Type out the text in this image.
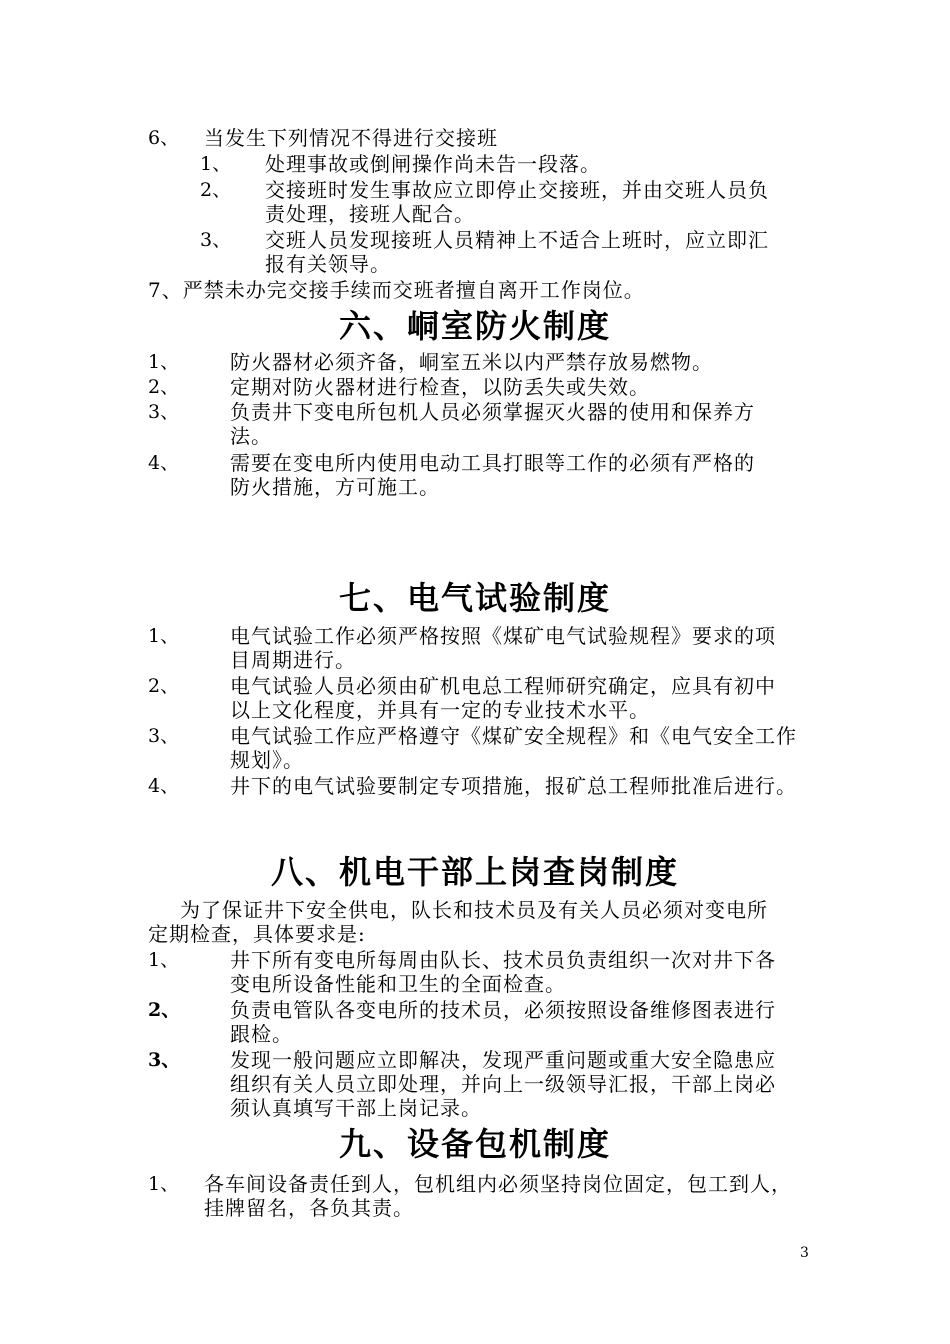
6、 当发生下列情况不得进行交接班
1、 处理事故或倒闸操作尚未告一段落。
2、 交接班时发生事故应立即停止交接班，并由交班人员负
责处理，接班人配合。
3、 交班人员发现接班人员精神上不适合上班时，应立即汇
报有关领导。
7、严禁未办完交接手续而交班者擅自离开工作岗位。
六、峒室防火制度
1、	防火器材必须齐备，峒室五米以内严禁存放易燃物。
2、	定期对防火器材进行检查，以防丢失或失效。
3、	负责井下变电所包机人员必须掌握灭火器的使用和保养方
法。
4、	需要在变电所内使用电动工具打眼等工作的必须有严格的
防火措施，方可施工。
七、电气试验制度
1、	电气试验工作必须严格按照《煤矿电气试验规程》要求的项
目周期进行。
2、	电气试验人员必须由矿机电总工程师研究确定，应具有初中
以上文化程度，并具有一定的专业技术水平。
3、	电气试验工作应严格遵守《煤矿安全规程》和《电气安全工作
规划》。
4、	井下的电气试验要制定专项措施，报矿总工程师批准后进行。
八、机电干部上岗查岗制度
为了保证井下安全供电，队长和技术员及有关人员必须对变电所
定期检查，具体要求是:
1、	井下所有变电所每周由队长、技术员负责组织一次对井下各
变电所设备性能和卫生的全面检查。
2、 负责电管队各变电所的技术员，必须按照设备维修图表进行
跟检。
3、 发现一般问题应立即解决，发现严重问题或重大安全隐患应
组织有关人员立即处理，并向上一级领导汇报，干部上岗必
须认真填写干部上岗记录。
九、设备包机制度
1、 各车间设备责任到人，包机组内必须坚持岗位固定，包工到人，
挂牌留名，各负其责。
3
